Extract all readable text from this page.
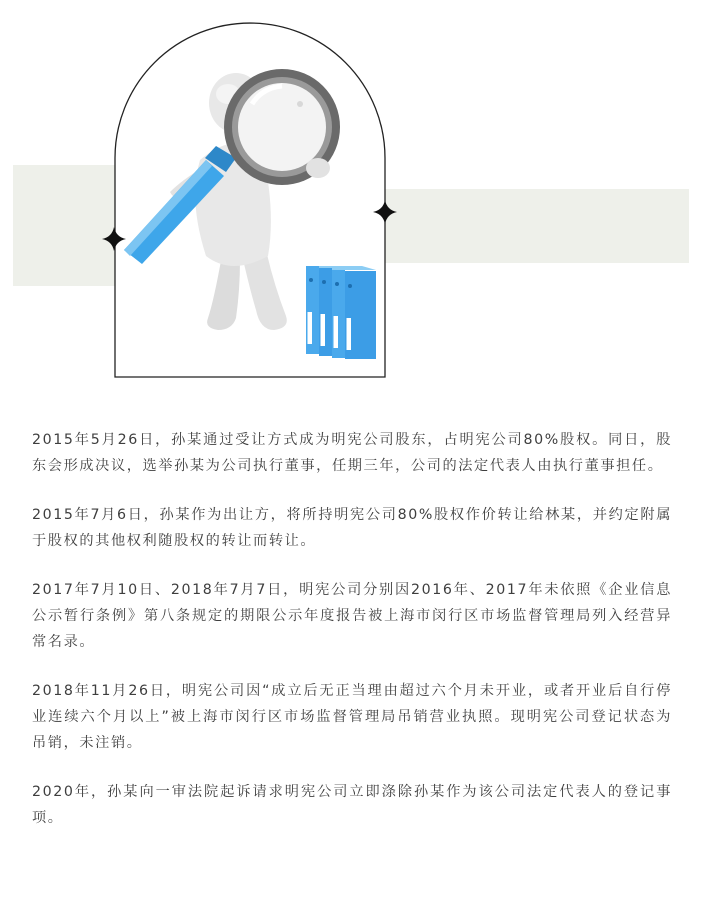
2015年5月26日，孙某通过受让方式成为明宪公司股东，占明宪公司80%股权。同日，股东会形成决议，选举孙某为公司执行董事，任期三年，公司的法定代表人由执行董事担任。

2015年7月6日，孙某作为出让方，将所持明宪公司80%股权作价转让给林某，并约定附属于股权的其他权利随股权的转让而转让。

2017年7月10日、2018年7月7日，明宪公司分别因2016年、2017年未依照《企业信息公示暂行条例》第八条规定的期限公示年度报告被上海市闵行区市场监督管理局列入经营异常名录。

2018年11月26日，明宪公司因“成立后无正当理由超过六个月未开业，或者开业后自行停业连续六个月以上”被上海市闵行区市场监督管理局吊销营业执照。现明宪公司登记状态为吊销，未注销。

2020年，孙某向一审法院起诉请求明宪公司立即涤除孙某作为该公司法定代表人的登记事项。
